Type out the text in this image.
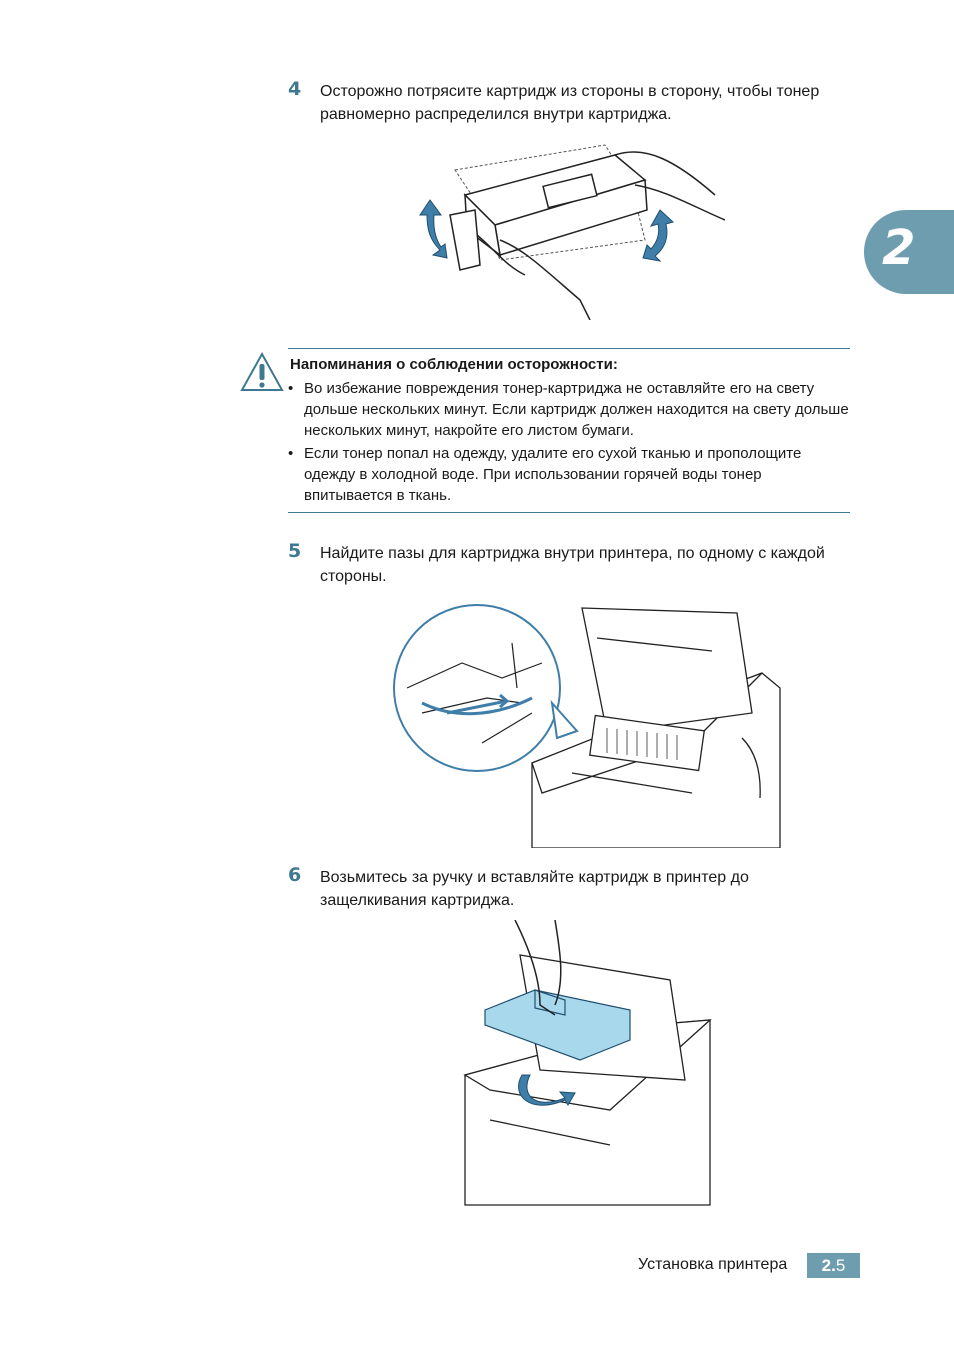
2
4 Осторожно потрясите картридж из стороны в сторону, чтобы тонер равномерно распределился внутри картриджа.
Напоминания о соблюдении осторожности:
• Во избежание повреждения тонер-картриджа не оставляйте его на свету дольше нескольких минут. Если картридж должен находится на свету дольше нескольких минут, накройте его листом бумаги.
• Если тонер попал на одежду, удалите его сухой тканью и прополощите одежду в холодной воде. При использовании горячей воды тонер впитывается в ткань.
5 Найдите пазы для картриджа внутри принтера, по одному с каждой стороны.
6 Возьмитесь за ручку и вставляйте картридж в принтер до защелкивания картриджа.
Установка принтера	2.5
